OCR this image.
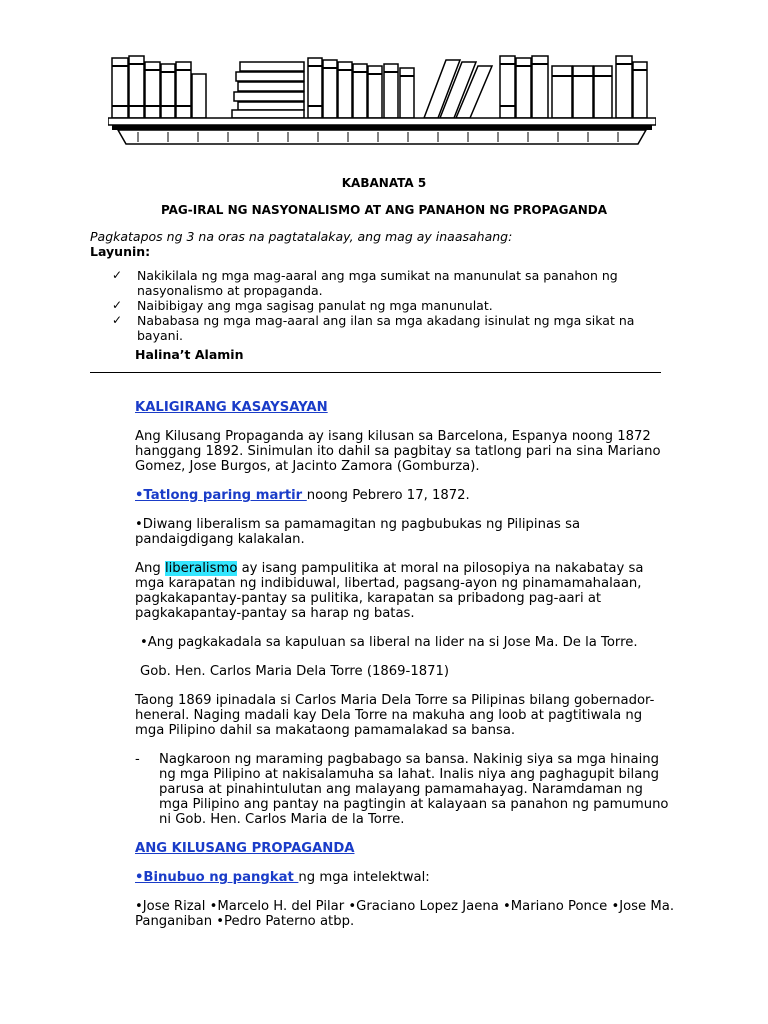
KABANATA 5
PAG-IRAL NG NASYONALISMO AT ANG PANAHON NG PROPAGANDA
Pagkatapos ng 3 na oras na pagtatalakay, ang mag ay inaasahang:
Layunin:
✓ Nakikilala ng mga mag-aaral ang mga sumikat na manunulat sa panahon ng nasyonalismo at propaganda.
✓ Naibibigay ang mga sagisag panulat ng mga manunulat.
✓ Nababasa ng mga mag-aaral ang ilan sa mga akadang isinulat ng mga sikat na bayani.
Halina’t Alamin

KALIGIRANG KASAYSAYAN

Ang Kilusang Propaganda ay isang kilusan sa Barcelona, Espanya noong 1872 hanggang 1892. Sinimulan ito dahil sa pagbitay sa tatlong pari na sina Mariano Gomez, Jose Burgos, at Jacinto Zamora (Gomburza).

•Tatlong paring martir noong Pebrero 17, 1872.

•Diwang liberalism sa pamamagitan ng pagbubukas ng Pilipinas sa pandaigdigang kalakalan.

Ang liberalismo ay isang pampulitika at moral na pilosopiya na nakabatay sa mga karapatan ng indibiduwal, libertad, pagsang-ayon ng pinamamahalaan, pagkakapantay-pantay sa pulitika, karapatan sa pribadong pag-aari at pagkakapantay-pantay sa harap ng batas.

•Ang pagkakadala sa kapuluan sa liberal na lider na si Jose Ma. De la Torre.

Gob. Hen. Carlos Maria Dela Torre (1869-1871)

Taong 1869 ipinadala si Carlos Maria Dela Torre sa Pilipinas bilang gobernador-heneral. Naging madali kay Dela Torre na makuha ang loob at pagtitiwala ng mga Pilipino dahil sa makataong pamamalakad sa bansa.

- Nagkaroon ng maraming pagbabago sa bansa. Nakinig siya sa mga hinaing ng mga Pilipino at nakisalamuha sa lahat. Inalis niya ang paghagupit bilang parusa at pinahintulutan ang malayang pamamahayag. Naramdaman ng mga Pilipino ang pantay na pagtingin at kalayaan sa panahon ng pamumuno ni Gob. Hen. Carlos Maria de la Torre.

ANG KILUSANG PROPAGANDA

•Binubuo ng pangkat ng mga intelektwal:

•Jose Rizal •Marcelo H. del Pilar •Graciano Lopez Jaena •Mariano Ponce •Jose Ma. Panganiban •Pedro Paterno atbp.
